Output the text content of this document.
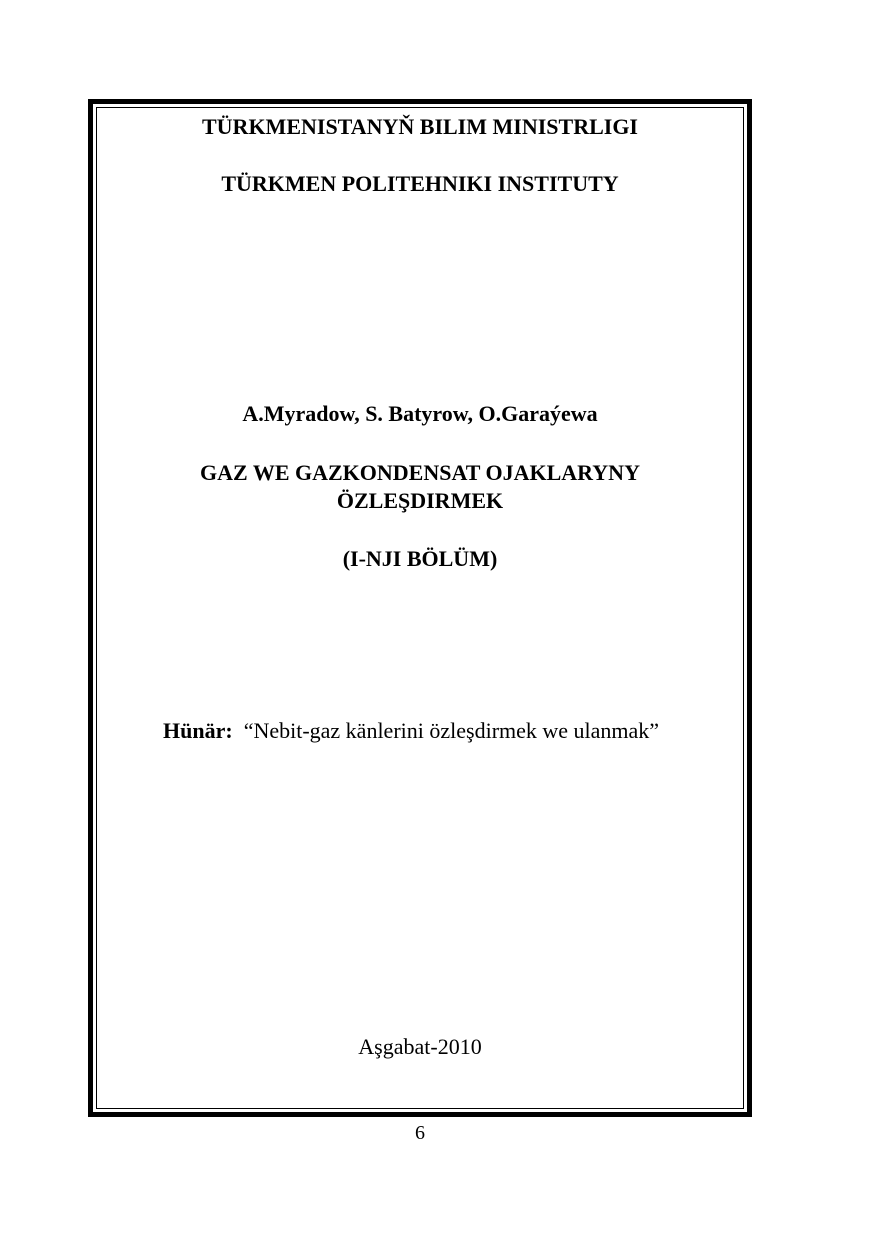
TÜRKMENISTANYŇ BILIM MINISTRLIGI
TÜRKMEN POLITEHNIKI INSTITUTY
A.Myradow, S. Batyrow, O.Garaýewa
GAZ WE GAZKONDENSAT OJAKLARYNY
ÖZLEŞDIRMEK
(I-NJI BÖLÜM)
Hünär: “Nebit-gaz känlerini özleşdirmek we ulanmak”
Aşgabat-2010
6
